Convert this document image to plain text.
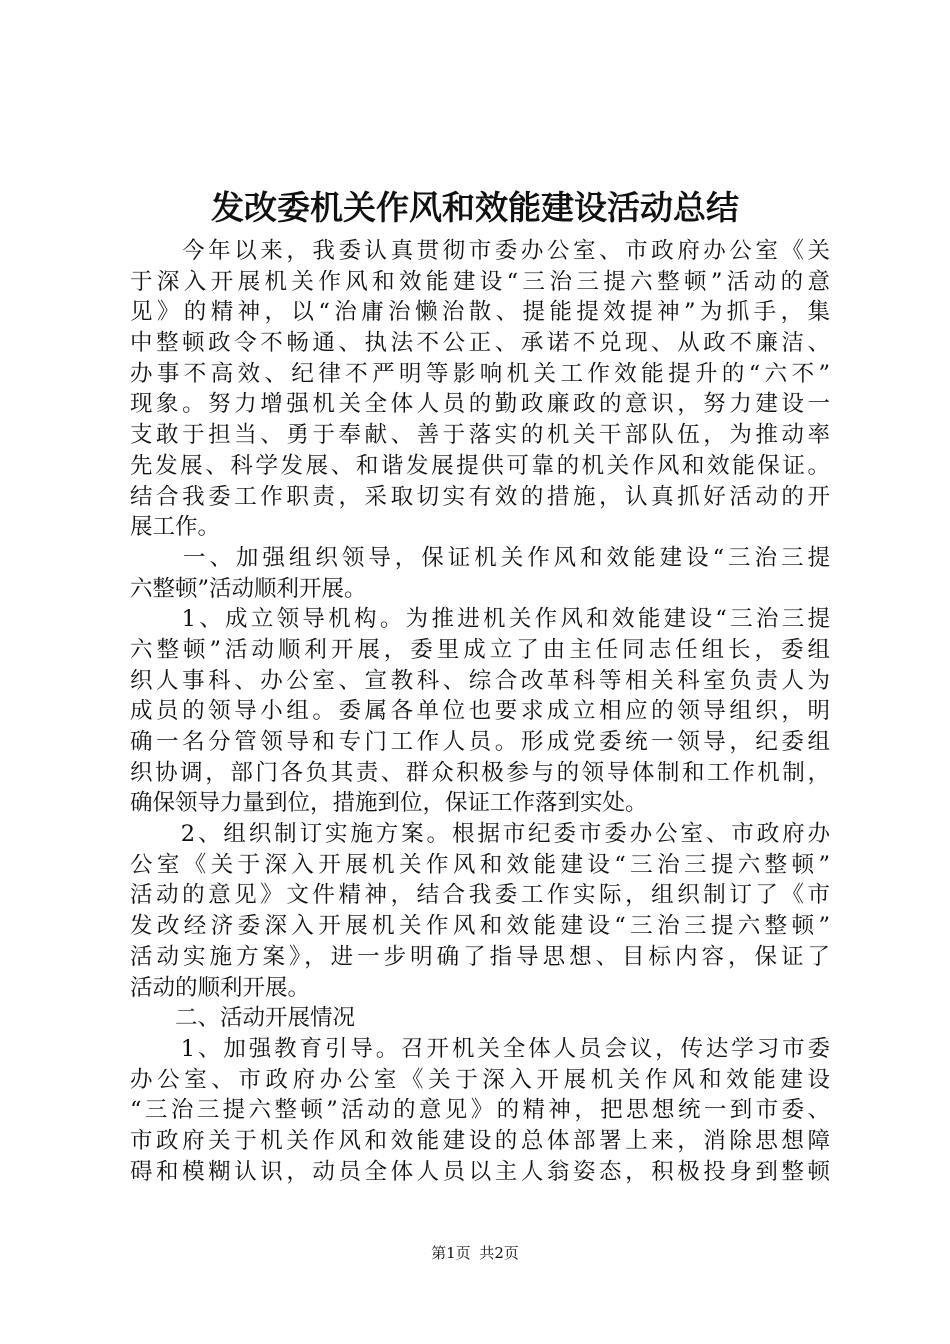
发改委机关作风和效能建设活动总结
　　今年以来，我委认真贯彻市委办公室、市政府办公室《关
于深入开展机关作风和效能建设“三治三提六整顿”活动的意
见》的精神，以“治庸治懒治散、提能提效提神”为抓手，集
中整顿政令不畅通、执法不公正、承诺不兑现、从政不廉洁、
办事不高效、纪律不严明等影响机关工作效能提升的“六不”
现象。努力增强机关全体人员的勤政廉政的意识，努力建设一
支敢于担当、勇于奉献、善于落实的机关干部队伍，为推动率
先发展、科学发展、和谐发展提供可靠的机关作风和效能保证。
结合我委工作职责，采取切实有效的措施，认真抓好活动的开
展工作。
　　一、加强组织领导，保证机关作风和效能建设“三治三提
六整顿”活动顺利开展。
　　1、成立领导机构。为推进机关作风和效能建设“三治三提
六整顿”活动顺利开展，委里成立了由主任同志任组长，委组
织人事科、办公室、宣教科、综合改革科等相关科室负责人为
成员的领导小组。委属各单位也要求成立相应的领导组织，明
确一名分管领导和专门工作人员。形成党委统一领导，纪委组
织协调，部门各负其责、群众积极参与的领导体制和工作机制，
确保领导力量到位，措施到位，保证工作落到实处。
　　2、组织制订实施方案。根据市纪委市委办公室、市政府办
公室《关于深入开展机关作风和效能建设“三治三提六整顿”
活动的意见》文件精神，结合我委工作实际，组织制订了《市
发改经济委深入开展机关作风和效能建设“三治三提六整顿”
活动实施方案》，进一步明确了指导思想、目标内容，保证了
活动的顺利开展。
　　二、活动开展情况
　　1、加强教育引导。召开机关全体人员会议，传达学习市委
办公室、市政府办公室《关于深入开展机关作风和效能建设
“三治三提六整顿”活动的意见》的精神，把思想统一到市委、
市政府关于机关作风和效能建设的总体部署上来，消除思想障
碍和模糊认识，动员全体人员以主人翁姿态，积极投身到整顿
第1页 共2页
